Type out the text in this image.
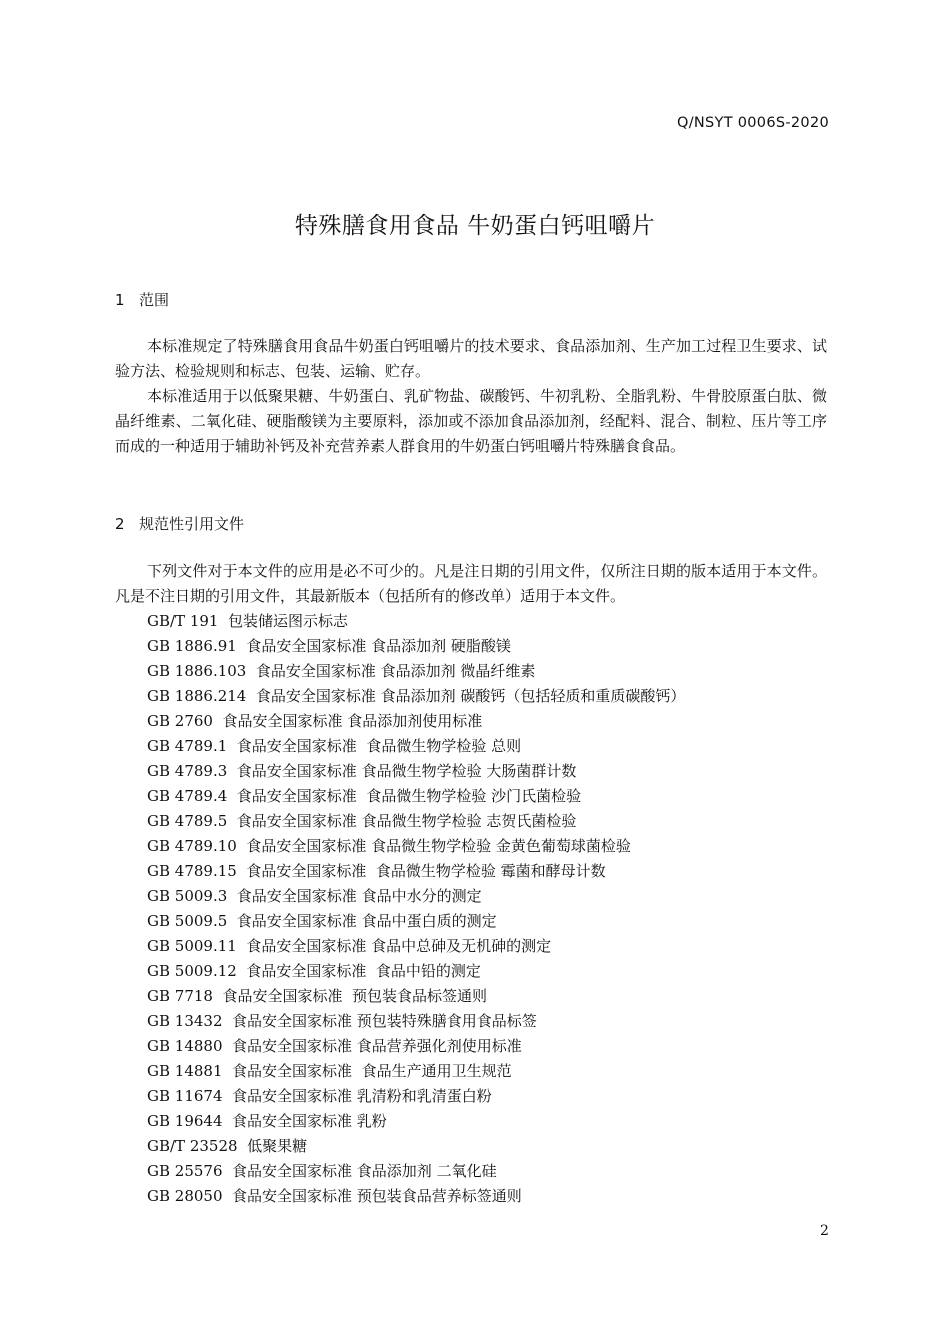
Q/NSYT 0006S-2020
特殊膳食用食品 牛奶蛋白钙咀嚼片
1 范围
本标准规定了特殊膳食用食品牛奶蛋白钙咀嚼片的技术要求、食品添加剂、生产加工过程卫生要求、试验方法、检验规则和标志、包装、运输、贮存。
本标准适用于以低聚果糖、牛奶蛋白、乳矿物盐、碳酸钙、牛初乳粉、全脂乳粉、牛骨胶原蛋白肽、微晶纤维素、二氧化硅、硬脂酸镁为主要原料，添加或不添加食品添加剂，经配料、混合、制粒、压片等工序而成的一种适用于辅助补钙及补充营养素人群食用的牛奶蛋白钙咀嚼片特殊膳食食品。
2 规范性引用文件
下列文件对于本文件的应用是必不可少的。凡是注日期的引用文件，仅所注日期的版本适用于本文件。凡是不注日期的引用文件，其最新版本（包括所有的修改单）适用于本文件。
GB/T 191  包装储运图示标志
GB 1886.91  食品安全国家标准 食品添加剂 硬脂酸镁
GB 1886.103  食品安全国家标准 食品添加剂 微晶纤维素
GB 1886.214  食品安全国家标准 食品添加剂 碳酸钙（包括轻质和重质碳酸钙）
GB 2760  食品安全国家标准 食品添加剂使用标准
GB 4789.1  食品安全国家标准  食品微生物学检验 总则
GB 4789.3  食品安全国家标准 食品微生物学检验 大肠菌群计数
GB 4789.4  食品安全国家标准  食品微生物学检验 沙门氏菌检验
GB 4789.5  食品安全国家标准 食品微生物学检验 志贺氏菌检验
GB 4789.10  食品安全国家标准 食品微生物学检验 金黄色葡萄球菌检验
GB 4789.15  食品安全国家标准  食品微生物学检验 霉菌和酵母计数
GB 5009.3  食品安全国家标准 食品中水分的测定
GB 5009.5  食品安全国家标准 食品中蛋白质的测定
GB 5009.11  食品安全国家标准 食品中总砷及无机砷的测定
GB 5009.12  食品安全国家标准  食品中铅的测定
GB 7718  食品安全国家标准  预包装食品标签通则
GB 13432  食品安全国家标准 预包装特殊膳食用食品标签
GB 14880  食品安全国家标准 食品营养强化剂使用标准
GB 14881  食品安全国家标准  食品生产通用卫生规范
GB 11674  食品安全国家标准 乳清粉和乳清蛋白粉
GB 19644  食品安全国家标准 乳粉
GB/T 23528  低聚果糖
GB 25576  食品安全国家标准 食品添加剂 二氧化硅
GB 28050  食品安全国家标准 预包装食品营养标签通则
2
